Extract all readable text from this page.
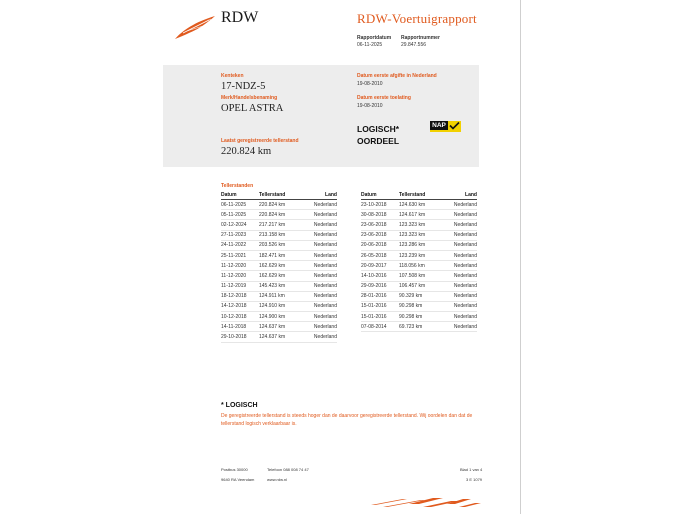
RDW	RDW-Voertuigrapport
Rapportdatum
06-11-2025
Rapportnummer
29.847.556
Kenteken
17-NDZ-5
Merk/Handelsbenaming
OPEL ASTRA
Laatst geregistreerde tellerstand
220.824 km
Datum eerste afgifte in Nederland
19-08-2010
Datum eerste toelating
19-08-2010
LOGISCH*
OORDEEL
NAP
Tellerstanden
Datum	Tellerstand	Land
06-11-2025	220.824 km	Nederland
05-11-2025	220.824 km	Nederland
02-12-2024	217.217 km	Nederland
27-11-2023	213.158 km	Nederland
24-11-2022	203.526 km	Nederland
25-11-2021	182.471 km	Nederland
11-12-2020	162.629 km	Nederland
11-12-2020	162.629 km	Nederland
11-12-2019	145.423 km	Nederland
18-12-2018	124.911 km	Nederland
14-12-2018	124.910 km	Nederland
10-12-2018	124.900 km	Nederland
14-11-2018	124.637 km	Nederland
29-10-2018	124.637 km	Nederland
Datum	Tellerstand	Land
23-10-2018	124.630 km	Nederland
30-08-2018	124.617 km	Nederland
23-06-2018	123.323 km	Nederland
23-06-2018	123.323 km	Nederland
20-06-2018	123.286 km	Nederland
26-05-2018	123.239 km	Nederland
20-09-2017	118.056 km	Nederland
14-10-2016	107.508 km	Nederland
29-09-2016	106.457 km	Nederland
28-01-2016	90.329 km	Nederland
15-01-2016	90.298 km	Nederland
15-01-2016	90.298 km	Nederland
07-08-2014	69.723 km	Nederland
* LOGISCH
De geregistreerde tellerstand is steeds hoger dan de daarvoor geregistreerde tellerstand. Wij oordelen dan dat de tellerstand logisch verklaarbaar is.
Postbus 30000
9640 RA Veendam
Telefoon 088 008 74 47
www.rdw.nl
Blad 1 van 4
3 E 1079
